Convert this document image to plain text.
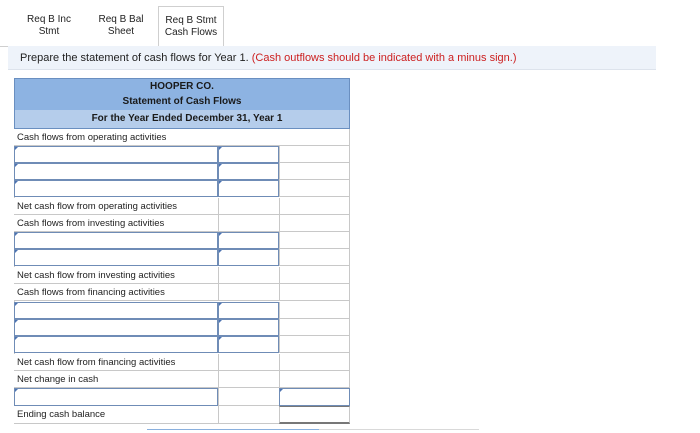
Req B Inc
Stmt
Req B Bal
Sheet
Req B Stmt
Cash Flows
Prepare the statement of cash flows for Year 1. (Cash outflows should be indicated with a minus sign.)
HOOPER CO.
Statement of Cash Flows
For the Year Ended December 31, Year 1
Cash flows from operating activities
Net cash flow from operating activities
Cash flows from investing activities
Net cash flow from investing activities
Cash flows from financing activities
Net cash flow from financing activities
Net change in cash
Ending cash balance
